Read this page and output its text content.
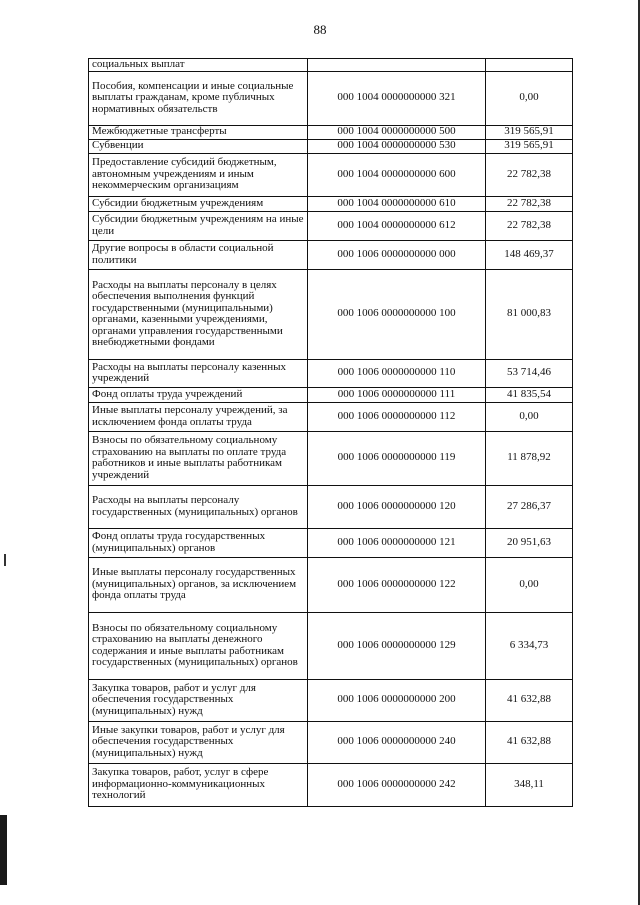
88
социальных выплат		
Пособия, компенсации и иные социальные выплаты гражданам, кроме публичных нормативных обязательств	000 1004 0000000000 321	0,00
Межбюджетные трансферты	000 1004 0000000000 500	319 565,91
Субвенции	000 1004 0000000000 530	319 565,91
Предоставление субсидий бюджетным, автономным учреждениям и иным некоммерческим организациям	000 1004 0000000000 600	22 782,38
Субсидии бюджетным учреждениям	000 1004 0000000000 610	22 782,38
Субсидии бюджетным учреждениям на иные цели	000 1004 0000000000 612	22 782,38
Другие вопросы в области социальной политики	000 1006 0000000000 000	148 469,37
Расходы на выплаты персоналу в целях обеспечения выполнения функций государственными (муниципальными) органами, казенными учреждениями, органами управления государственными внебюджетными фондами	000 1006 0000000000 100	81 000,83
Расходы на выплаты персоналу казенных учреждений	000 1006 0000000000 110	53 714,46
Фонд оплаты труда учреждений	000 1006 0000000000 111	41 835,54
Иные выплаты персоналу учреждений, за исключением фонда оплаты труда	000 1006 0000000000 112	0,00
Взносы по обязательному социальному страхованию на выплаты по оплате труда работников и иные выплаты работникам учреждений	000 1006 0000000000 119	11 878,92
Расходы на выплаты персоналу государственных (муниципальных) органов	000 1006 0000000000 120	27 286,37
Фонд оплаты труда государственных (муниципальных) органов	000 1006 0000000000 121	20 951,63
Иные выплаты персоналу государственных (муниципальных) органов, за исключением фонда оплаты труда	000 1006 0000000000 122	0,00
Взносы по обязательному социальному страхованию на выплаты денежного содержания и иные выплаты работникам государственных (муниципальных) органов	000 1006 0000000000 129	6 334,73
Закупка товаров, работ и услуг для обеспечения государственных (муниципальных) нужд	000 1006 0000000000 200	41 632,88
Иные закупки товаров, работ и услуг для обеспечения государственных (муниципальных) нужд	000 1006 0000000000 240	41 632,88
Закупка товаров, работ, услуг в сфере информационно-коммуникационных технологий	000 1006 0000000000 242	348,11
